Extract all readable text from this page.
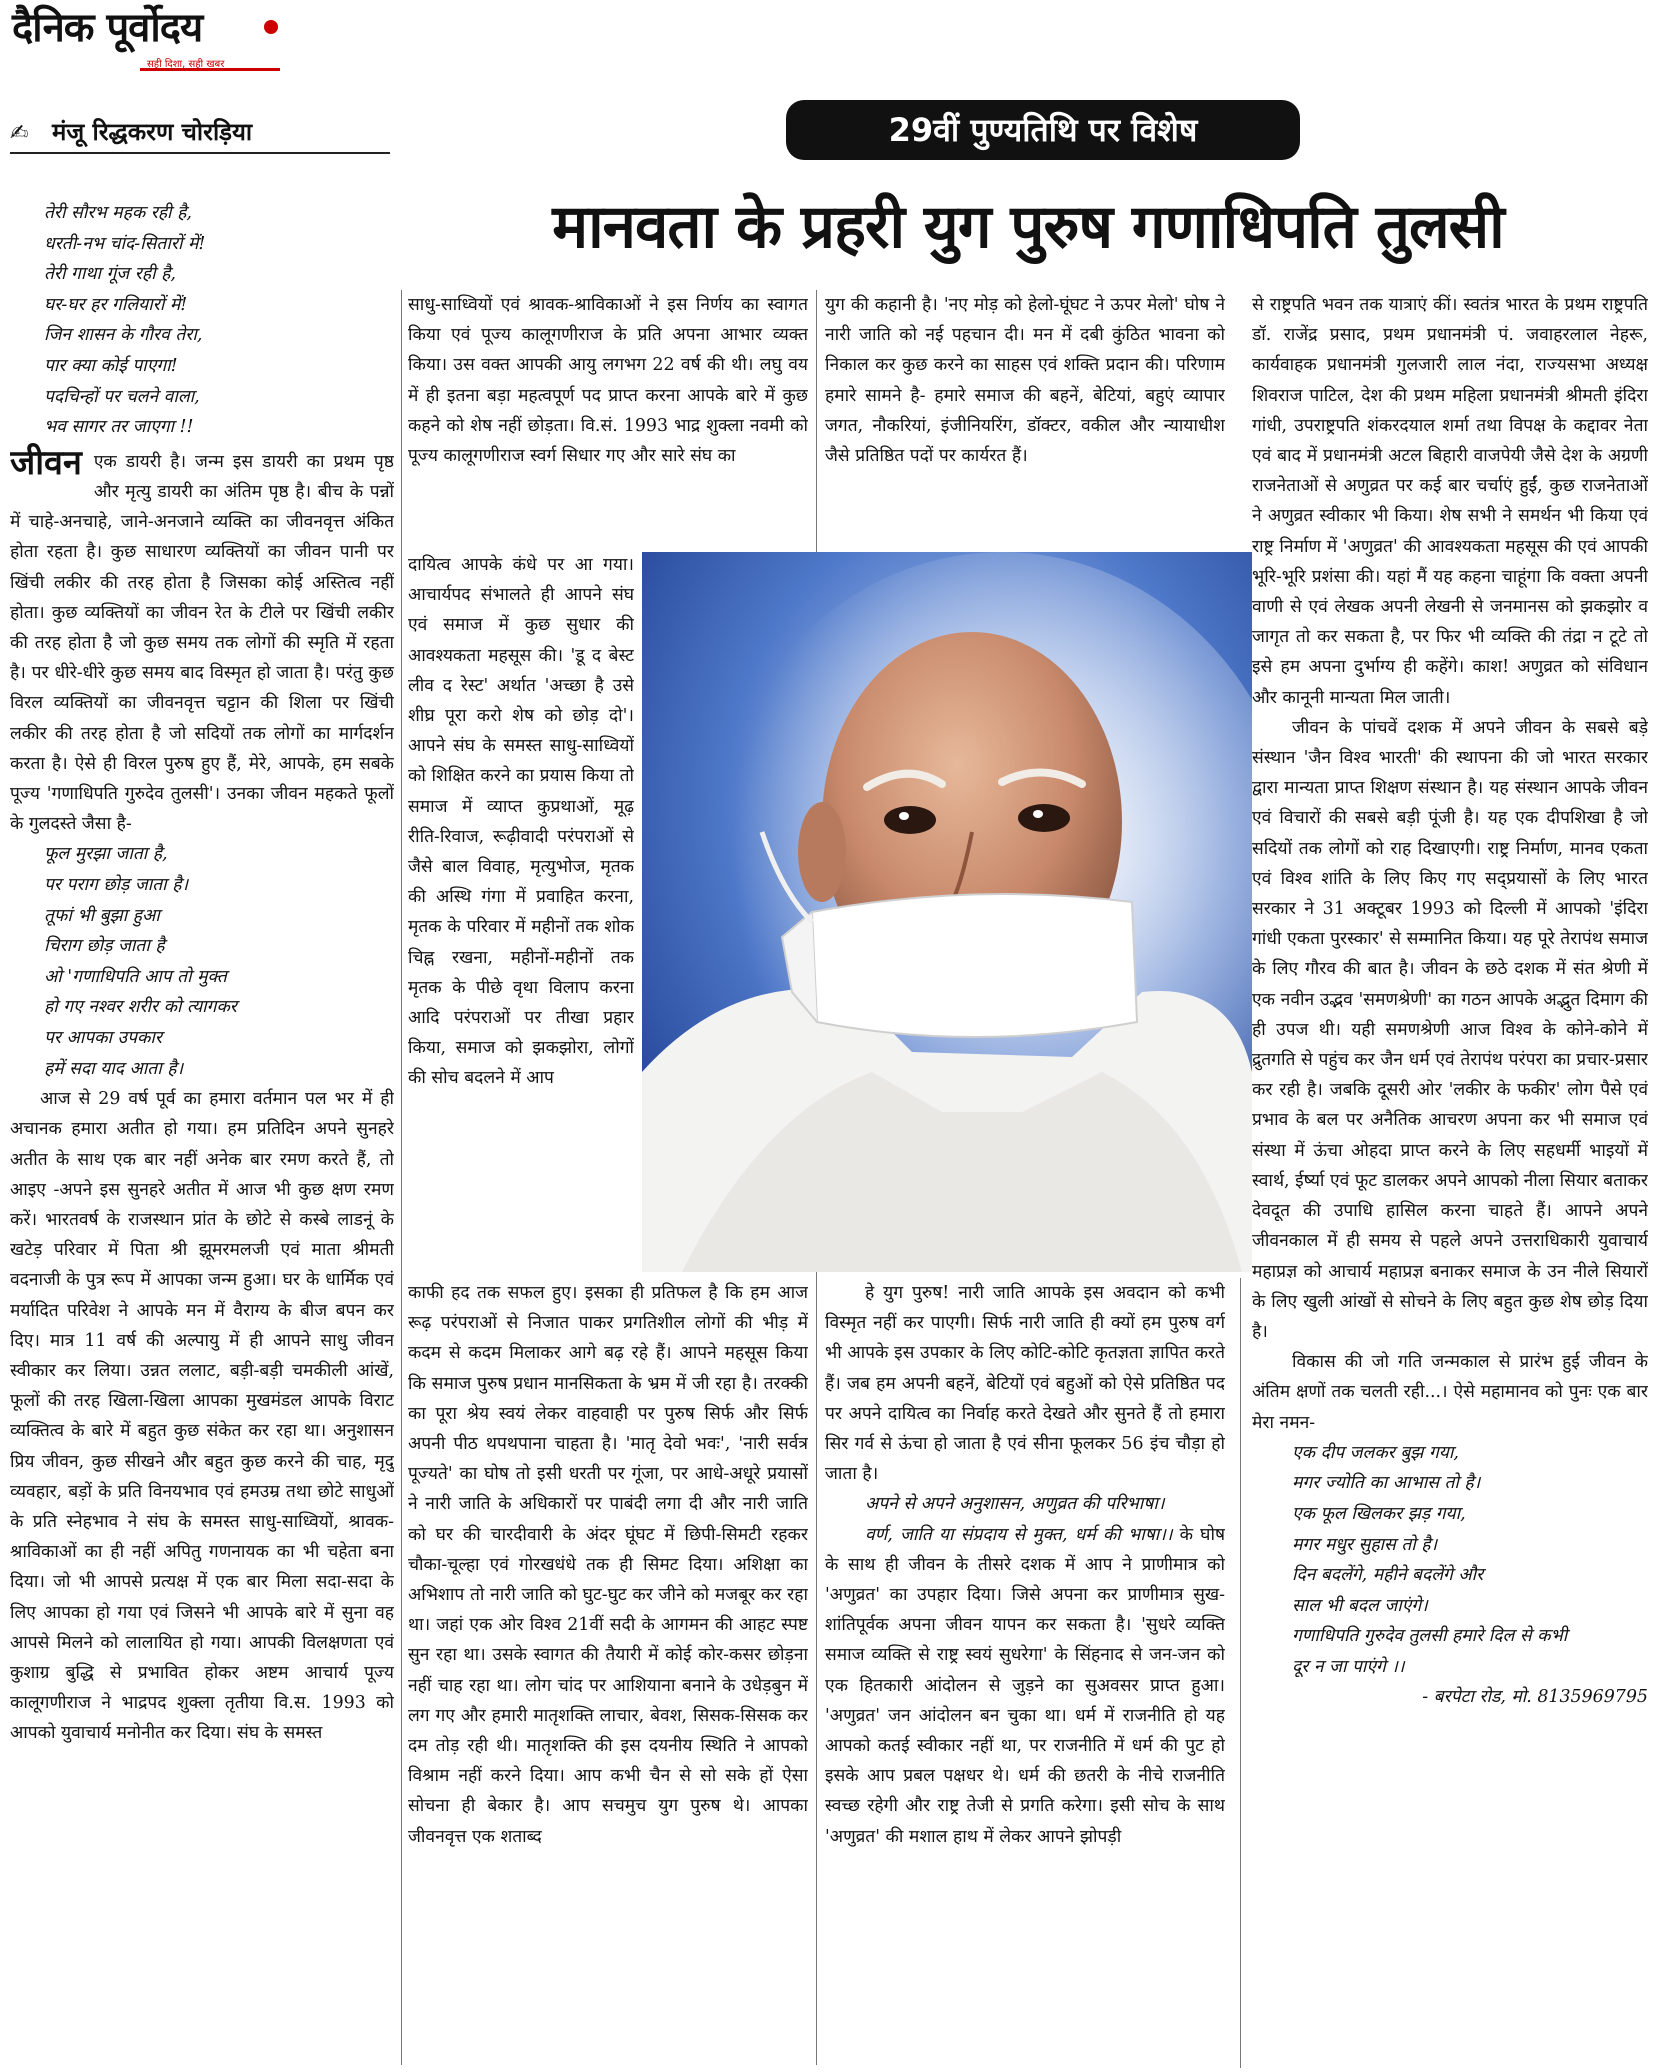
दैनिक पूर्वोदय
सही दिशा, सही खबर
✍ मंजू रिद्धकरण चोरड़िया	29वीं पुण्यतिथि पर विशेष
मानवता के प्रहरी युग पुरुष गणाधिपति तुलसी
तेरी सौरभ महक रही है,
धरती-नभ चांद-सितारों में!
तेरी गाथा गूंज रही है,
घर-घर हर गलियारों में!
जिन शासन के गौरव तेरा,
पार क्या कोई पाएगा!
पदचिन्हों पर चलने वाला,
भव सागर तर जाएगा !!

जीवन एक डायरी है। जन्म इस डायरी का प्रथम पृष्ठ और मृत्यु डायरी का अंतिम पृष्ठ है। बीच के पन्नों में चाहे-अनचाहे, जाने-अनजाने व्यक्ति का जीवनवृत्त अंकित होता रहता है। कुछ साधारण व्यक्तियों का जीवन पानी पर खिंची लकीर की तरह होता है जिसका कोई अस्तित्व नहीं होता। कुछ व्यक्तियों का जीवन रेत के टीले पर खिंची लकीर की तरह होता है जो कुछ समय तक लोगों की स्मृति में रहता है। पर धीरे-धीरे कुछ समय बाद विस्मृत हो जाता है। परंतु कुछ विरल व्यक्तियों का जीवनवृत्त चट्टान की शिला पर खिंची लकीर की तरह होता है जो सदियों तक लोगों का मार्गदर्शन करता है। ऐसे ही विरल पुरुष हुए हैं, मेरे, आपके, हम सबके पूज्य 'गणाधिपति गुरुदेव तुलसी'। उनका जीवन महकते फूलों के गुलदस्ते जैसा है-

फूल मुरझा जाता है,
पर पराग छोड़ जाता है।
तूफां भी बुझा हुआ
चिराग छोड़ जाता है
ओ 'गणाधिपति आप तो मुक्त
हो गए नश्वर शरीर को त्यागकर
पर आपका उपकार
हमें सदा याद आता है।

आज से 29 वर्ष पूर्व का हमारा वर्तमान पल भर में ही अचानक हमारा अतीत हो गया। हम प्रतिदिन अपने सुनहरे अतीत के साथ एक बार नहीं अनेक बार रमण करते हैं, तो आइए -अपने इस सुनहरे अतीत में आज भी कुछ क्षण रमण करें। भारतवर्ष के राजस्थान प्रांत के छोटे से कस्बे लाडनूं के खटेड़ परिवार में पिता श्री झूमरमलजी एवं माता श्रीमती वदनाजी के पुत्र रूप में आपका जन्म हुआ। घर के धार्मिक एवं मर्यादित परिवेश ने आपके मन में वैराग्य के बीज बपन कर दिए। मात्र 11 वर्ष की अल्पायु में ही आपने साधु जीवन स्वीकार कर लिया। उन्नत ललाट, बड़ी-बड़ी चमकीली आंखें, फूलों की तरह खिला-खिला आपका मुखमंडल आपके विराट व्यक्तित्व के बारे में बहुत कुछ संकेत कर रहा था। अनुशासन प्रिय जीवन, कुछ सीखने और बहुत कुछ करने की चाह, मृदु व्यवहार, बड़ों के प्रति विनयभाव एवं हमउम्र तथा छोटे साधुओं के प्रति स्नेहभाव ने संघ के समस्त साधु-साध्वियों, श्रावक-श्राविकाओं का ही नहीं अपितु गणनायक का भी चहेता बना दिया। जो भी आपसे प्रत्यक्ष में एक बार मिला सदा-सदा के लिए आपका हो गया एवं जिसने भी आपके बारे में सुना वह आपसे मिलने को लालायित हो गया। आपकी विलक्षणता एवं कुशाग्र बुद्धि से प्रभावित होकर अष्टम आचार्य पूज्य कालूगणीराज ने भाद्रपद शुक्ला तृतीया वि.स. 1993 को आपको युवाचार्य मनोनीत कर दिया। संघ के समस्त

साधु-साध्वियों एवं श्रावक-श्राविकाओं ने इस निर्णय का स्वागत किया एवं पूज्य कालूगणीराज के प्रति अपना आभार व्यक्त किया। उस वक्त आपकी आयु लगभग 22 वर्ष की थी। लघु वय में ही इतना बड़ा महत्वपूर्ण पद प्राप्त करना आपके बारे में कुछ कहने को शेष नहीं छोड़ता। वि.सं. 1993 भाद्र शुक्ला नवमी को पूज्य कालूगणीराज स्वर्ग सिधार गए और सारे संघ का

दायित्व आपके कंधे पर आ गया। आचार्यपद संभालते ही आपने संघ एवं समाज में कुछ सुधार की आवश्यकता महसूस की। 'डू द बेस्ट लीव द रेस्ट' अर्थात 'अच्छा है उसे शीघ्र पूरा करो शेष को छोड़ दो'। आपने संघ के समस्त साधु-साध्वियों को शिक्षित करने का प्रयास किया तो समाज में व्याप्त कुप्रथाओं, मूढ़ रीति-रिवाज, रूढ़ीवादी परंपराओं से जैसे बाल विवाह, मृत्युभोज, मृतक की अस्थि गंगा में प्रवाहित करना, मृतक के परिवार में महीनों तक शोक चिह्न रखना, महीनों-महीनों तक मृतक के पीछे वृथा विलाप करना आदि परंपराओं पर तीखा प्रहार किया, समाज को झकझोरा, लोगों की सोच बदलने में आप

काफी हद तक सफल हुए। इसका ही प्रतिफल है कि हम आज रूढ़ परंपराओं से निजात पाकर प्रगतिशील लोगों की भीड़ में कदम से कदम मिलाकर आगे बढ़ रहे हैं। आपने महसूस किया कि समाज पुरुष प्रधान मानसिकता के भ्रम में जी रहा है। तरक्की का पूरा श्रेय स्वयं लेकर वाहवाही पर पुरुष सिर्फ और सिर्फ अपनी पीठ थपथपाना चाहता है। 'मातृ देवो भवः', 'नारी सर्वत्र पूज्यते' का घोष तो इसी धरती पर गूंजा, पर आधे-अधूरे प्रयासों ने नारी जाति के अधिकारों पर पाबंदी लगा दी और नारी जाति को घर की चारदीवारी के अंदर घूंघट में छिपी-सिमटी रहकर चौका-चूल्हा एवं गोरखधंधे तक ही सिमट दिया। अशिक्षा का अभिशाप तो नारी जाति को घुट-घुट कर जीने को मजबूर कर रहा था। जहां एक ओर विश्व 21वीं सदी के आगमन की आहट स्पष्ट सुन रहा था। उसके स्वागत की तैयारी में कोई कोर-कसर छोड़ना नहीं चाह रहा था। लोग चांद पर आशियाना बनाने के उधेड़बुन में लग गए और हमारी मातृशक्ति लाचार, बेवश, सिसक-सिसक कर दम तोड़ रही थी। मातृशक्ति की इस दयनीय स्थिति ने आपको विश्राम नहीं करने दिया। आप कभी चैन से सो सके हों ऐसा सोचना ही बेकार है। आप सचमुच युग पुरुष थे। आपका जीवनवृत्त एक शताब्द

युग की कहानी है। 'नए मोड़ को हेलो-घूंघट ने ऊपर मेलो' घोष ने नारी जाति को नई पहचान दी। मन में दबी कुंठित भावना को निकाल कर कुछ करने का साहस एवं शक्ति प्रदान की। परिणाम हमारे सामने है- हमारे समाज की बहनें, बेटियां, बहुएं व्यापार जगत, नौकरियां, इंजीनियरिंग, डॉक्टर, वकील और न्यायाधीश जैसे प्रतिष्ठित पदों पर कार्यरत हैं।

हे युग पुरुष! नारी जाति आपके इस अवदान को कभी विस्मृत नहीं कर पाएगी। सिर्फ नारी जाति ही क्यों हम पुरुष वर्ग भी आपके इस उपकार के लिए कोटि-कोटि कृतज्ञता ज्ञापित करते हैं। जब हम अपनी बहनें, बेटियों एवं बहुओं को ऐसे प्रतिष्ठित पद पर अपने दायित्व का निर्वाह करते देखते और सुनते हैं तो हमारा सिर गर्व से ऊंचा हो जाता है एवं सीना फूलकर 56 इंच चौड़ा हो जाता है।

अपने से अपने अनुशासन, अणुव्रत की परिभाषा।

वर्ण, जाति या संप्रदाय से मुक्त, धर्म की भाषा।। के घोष के साथ ही जीवन के तीसरे दशक में आप ने प्राणीमात्र को 'अणुव्रत' का उपहार दिया। जिसे अपना कर प्राणीमात्र सुख-शांतिपूर्वक अपना जीवन यापन कर सकता है। 'सुधरे व्यक्ति समाज व्यक्ति से राष्ट्र स्वयं सुधरेगा' के सिंहनाद से जन-जन को एक हितकारी आंदोलन से जुड़ने का सुअवसर प्राप्त हुआ। 'अणुव्रत' जन आंदोलन बन चुका था। धर्म में राजनीति हो यह आपको कतई स्वीकार नहीं था, पर राजनीति में धर्म की पुट हो इसके आप प्रबल पक्षधर थे। धर्म की छतरी के नीचे राजनीति स्वच्छ रहेगी और राष्ट्र तेजी से प्रगति करेगा। इसी सोच के साथ 'अणुव्रत' की मशाल हाथ में लेकर आपने झोपड़ी

से राष्ट्रपति भवन तक यात्राएं कीं। स्वतंत्र भारत के प्रथम राष्ट्रपति डॉ. राजेंद्र प्रसाद, प्रथम प्रधानमंत्री पं. जवाहरलाल नेहरू, कार्यवाहक प्रधानमंत्री गुलजारी लाल नंदा, राज्यसभा अध्यक्ष शिवराज पाटिल, देश की प्रथम महिला प्रधानमंत्री श्रीमती इंदिरा गांधी, उपराष्ट्रपति शंकरदयाल शर्मा तथा विपक्ष के कद्दावर नेता एवं बाद में प्रधानमंत्री अटल बिहारी वाजपेयी जैसे देश के अग्रणी राजनेताओं से अणुव्रत पर कई बार चर्चाएं हुईं, कुछ राजनेताओं ने अणुव्रत स्वीकार भी किया। शेष सभी ने समर्थन भी किया एवं राष्ट्र निर्माण में 'अणुव्रत' की आवश्यकता महसूस की एवं आपकी भूरि-भूरि प्रशंसा की। यहां मैं यह कहना चाहूंगा कि वक्ता अपनी वाणी से एवं लेखक अपनी लेखनी से जनमानस को झकझोर व जागृत तो कर सकता है, पर फिर भी व्यक्ति की तंद्रा न टूटे तो इसे हम अपना दुर्भाग्य ही कहेंगे। काश! अणुव्रत को संविधान और कानूनी मान्यता मिल जाती।

जीवन के पांचवें दशक में अपने जीवन के सबसे बड़े संस्थान 'जैन विश्व भारती' की स्थापना की जो भारत सरकार द्वारा मान्यता प्राप्त शिक्षण संस्थान है। यह संस्थान आपके जीवन एवं विचारों की सबसे बड़ी पूंजी है। यह एक दीपशिखा है जो सदियों तक लोगों को राह दिखाएगी। राष्ट्र निर्माण, मानव एकता एवं विश्व शांति के लिए किए गए सद्प्रयासों के लिए भारत सरकार ने 31 अक्टूबर 1993 को दिल्ली में आपको 'इंदिरा गांधी एकता पुरस्कार' से सम्मानित किया। यह पूरे तेरापंथ समाज के लिए गौरव की बात है। जीवन के छठे दशक में संत श्रेणी में एक नवीन उद्भव 'समणश्रेणी' का गठन आपके अद्भुत दिमाग की ही उपज थी। यही समणश्रेणी आज विश्व के कोने-कोने में द्रुतगति से पहुंच कर जैन धर्म एवं तेरापंथ परंपरा का प्रचार-प्रसार कर रही है। जबकि दूसरी ओर 'लकीर के फकीर' लोग पैसे एवं प्रभाव के बल पर अनैतिक आचरण अपना कर भी समाज एवं संस्था में ऊंचा ओहदा प्राप्त करने के लिए सहधर्मी भाइयों में स्वार्थ, ईर्ष्या एवं फूट डालकर अपने आपको नीला सियार बताकर देवदूत की उपाधि हासिल करना चाहते हैं। आपने अपने जीवनकाल में ही समय से पहले अपने उत्तराधिकारी युवाचार्य महाप्रज्ञ को आचार्य महाप्रज्ञ बनाकर समाज के उन नीले सियारों के लिए खुली आंखों से सोचने के लिए बहुत कुछ शेष छोड़ दिया है।

विकास की जो गति जन्मकाल से प्रारंभ हुई जीवन के अंतिम क्षणों तक चलती रही...। ऐसे महामानव को पुनः एक बार मेरा नमन-

एक दीप जलकर बुझ गया,
मगर ज्योति का आभास तो है।
एक फूल खिलकर झड़ गया,
मगर मधुर सुहास तो है।
दिन बदलेंगे, महीने बदलेंगे और
साल भी बदल जाएंगे।
गणाधिपति गुरुदेव तुलसी हमारे दिल से कभी
दूर न जा पाएंगे ।।
- बरपेटा रोड, मो. 8135969795
